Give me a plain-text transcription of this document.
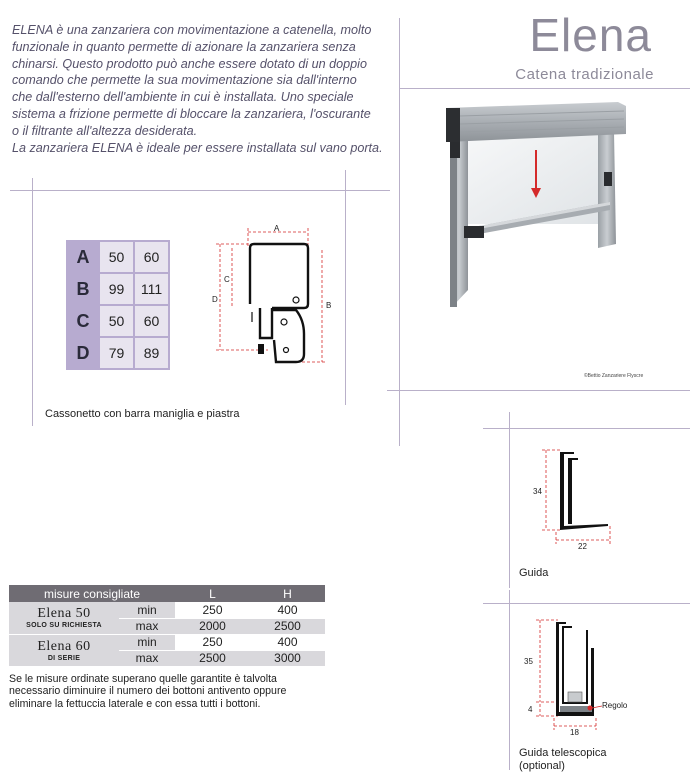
ELENA è una zanzariera con movimentazione a catenella, molto

funzionale in quanto permette di azionare la zanzariera senza

chinarsi. Questo prodotto può anche essere dotato di un doppio

comando che permette la sua movimentazione sia dall'interno

che dall'esterno dell'ambiente in cui è installata. Uno speciale

sistema a frizione permette di bloccare la zanzariera, l'oscurante

o il filtrante all'altezza desiderata.

La zanzariera ELENA è ideale per essere installata sul vano porta.

Elena
Catena tradizionale
©Bettio Zanzariere Flyscre
A	50	60
B	99	111
C	50	60
D	79	89
A
C
D
B
Cassonetto con barra maniglia e piastra
34
22
Guida
35
4
18
Regolo
Guida telescopica
(optional)
misure consigliate		L	H

Elena 50
SOLO SU RICHIESTA	min	250	400
	max	2000	2500

Elena 60
DI SERIE	min	250	400
	max	2500	3000

Se le misure ordinate superano quelle garantite è talvolta

necessario diminuire il numero dei bottoni antivento oppure

eliminare la fettuccia laterale e con essa tutti i bottoni.
